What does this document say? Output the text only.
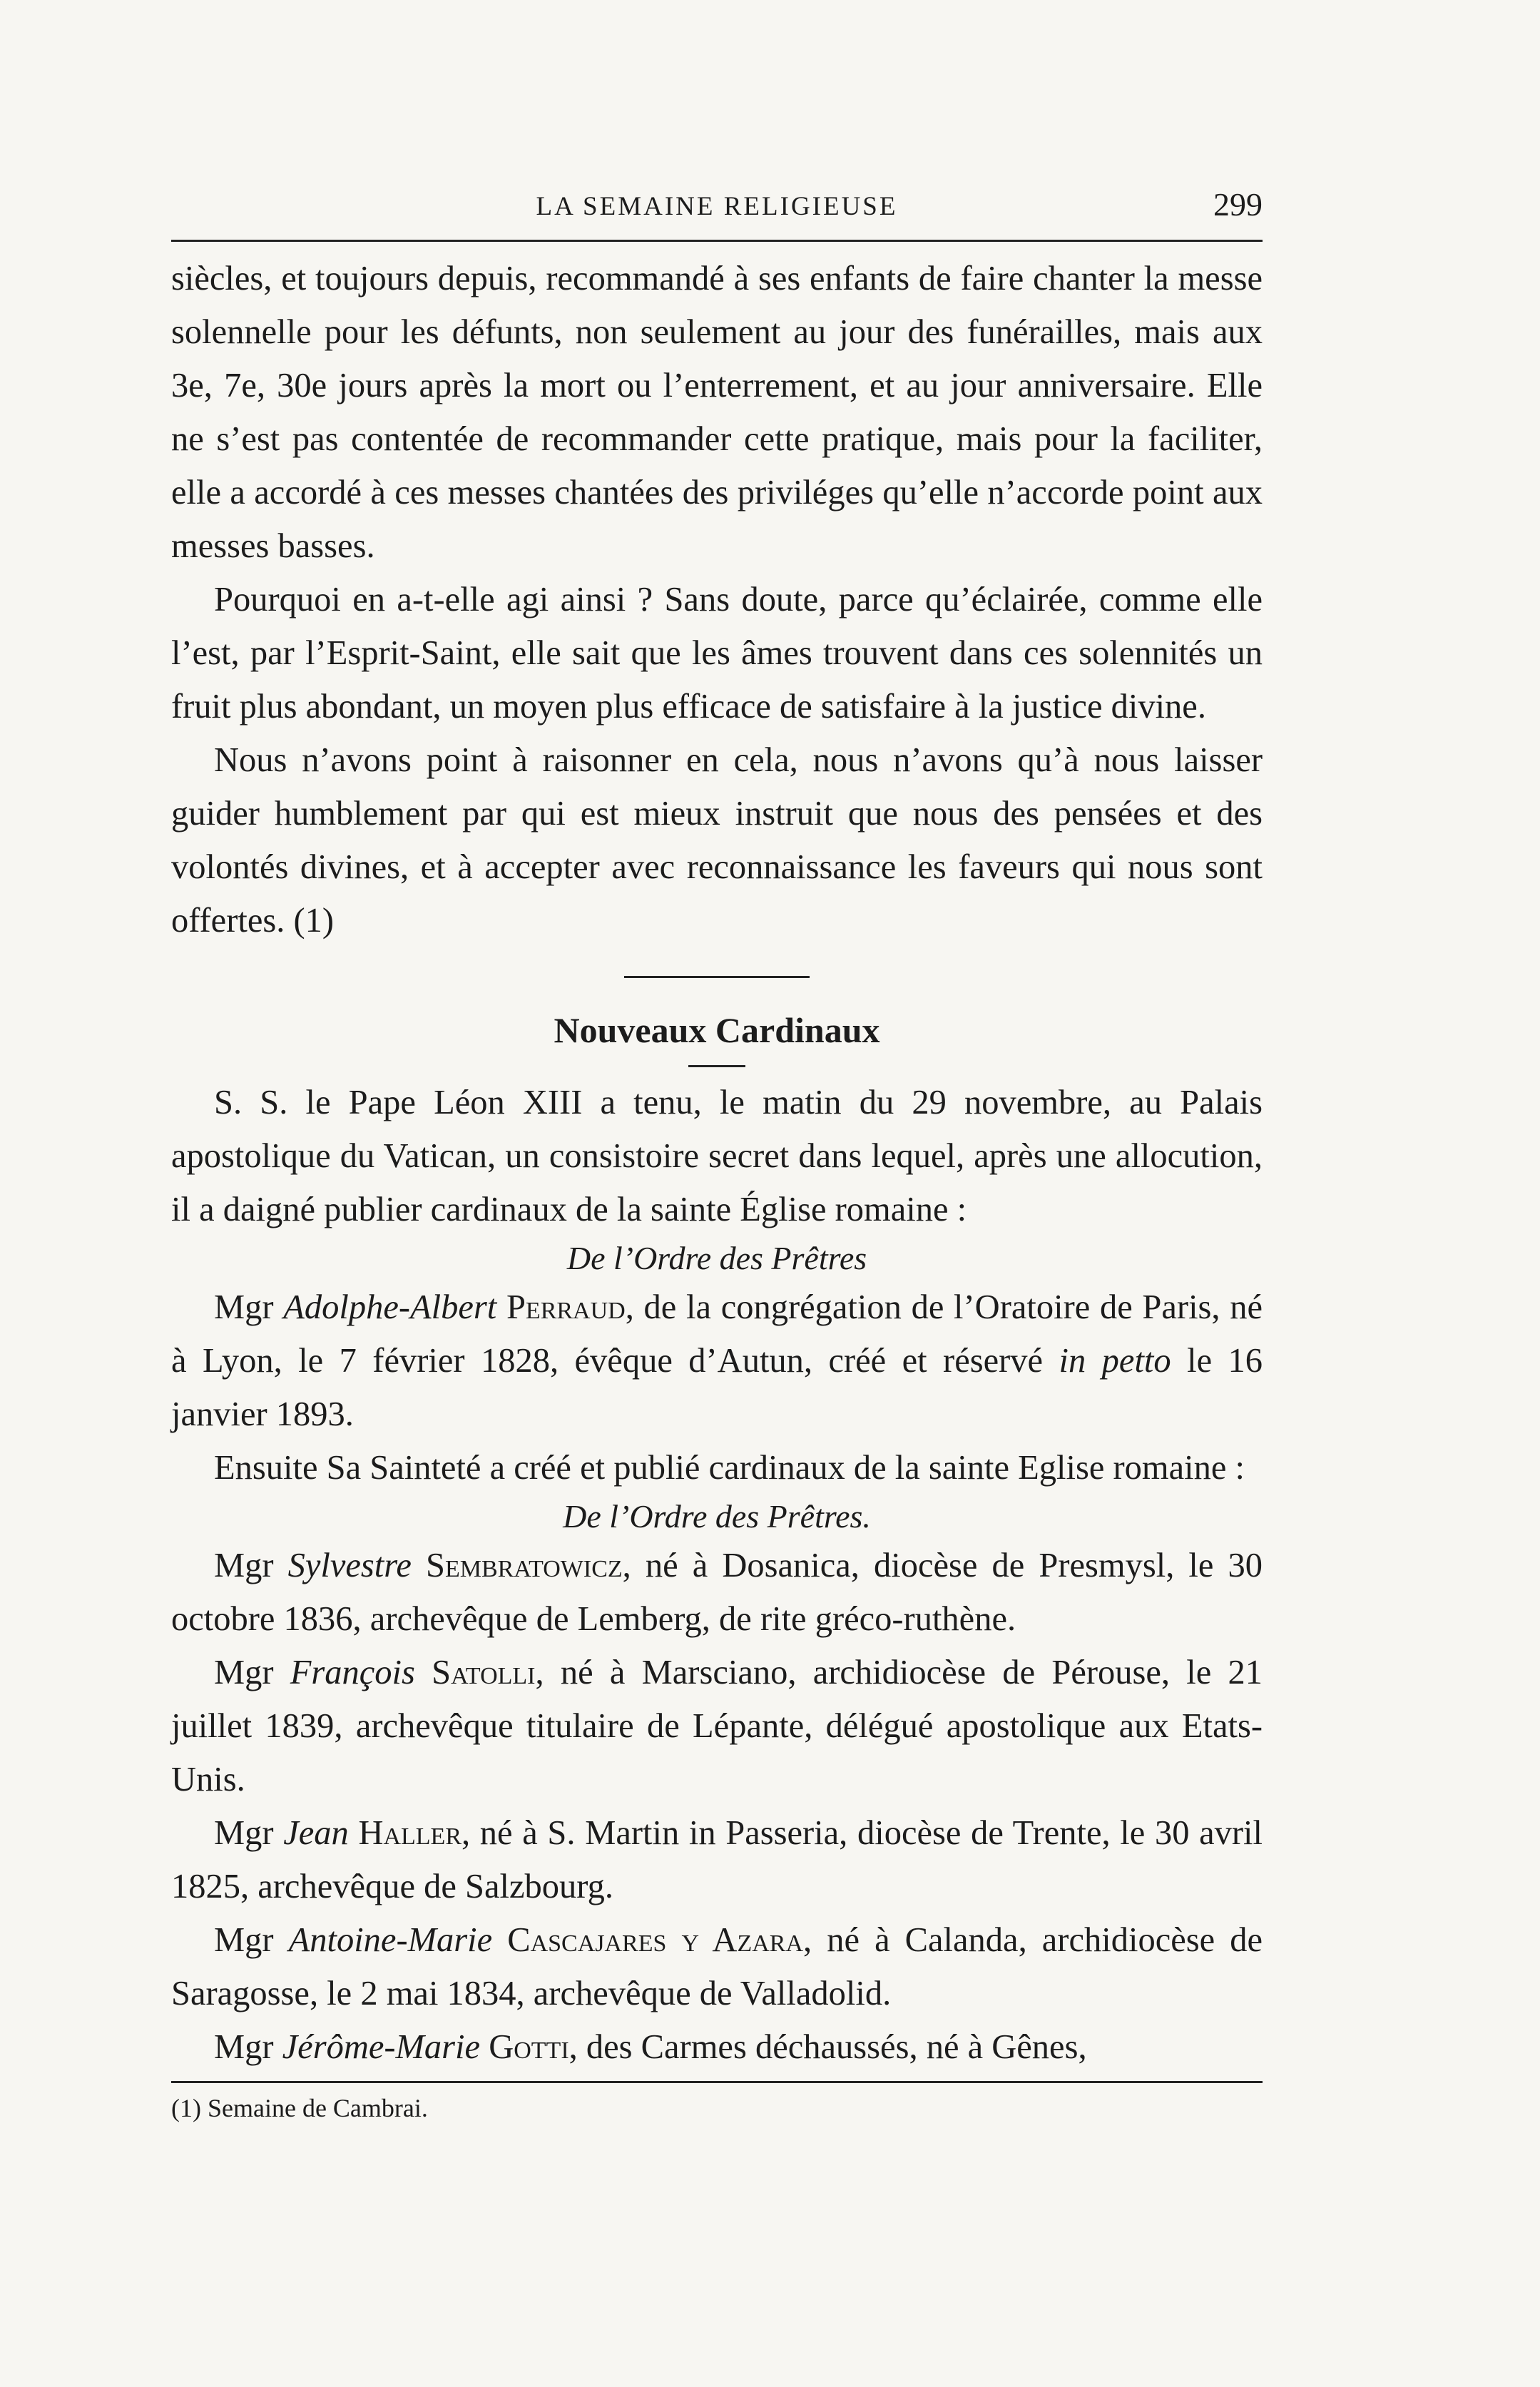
LA SEMAINE RELIGIEUSE	299

siècles, et toujours depuis, recommandé à ses enfants de faire chanter la messe solennelle pour les défunts, non seulement au jour des funérailles, mais aux 3e, 7e, 30e jours après la mort ou l’enterrement, et au jour anniversaire. Elle ne s’est pas contentée de recommander cette pratique, mais pour la faciliter, elle a accordé à ces messes chantées des priviléges qu’elle n’accorde point aux messes basses.

Pourquoi en a-t-elle agi ainsi ? Sans doute, parce qu’éclairée, comme elle l’est, par l’Esprit-Saint, elle sait que les âmes trouvent dans ces solennités un fruit plus abondant, un moyen plus efficace de satisfaire à la justice divine.

Nous n’avons point à raisonner en cela, nous n’avons qu’à nous laisser guider humblement par qui est mieux instruit que nous des pensées et des volontés divines, et à accepter avec reconnaissance les faveurs qui nous sont offertes. (1)

Nouveaux Cardinaux

S. S. le Pape Léon XIII a tenu, le matin du 29 novembre, au Palais apostolique du Vatican, un consistoire secret dans lequel, après une allocution, il a daigné publier cardinaux de la sainte Église romaine :

De l’Ordre des Prêtres

Mgr Adolphe-Albert Perraud, de la congrégation de l’Oratoire de Paris, né à Lyon, le 7 février 1828, évêque d’Autun, créé et réservé in petto le 16 janvier 1893.

Ensuite Sa Sainteté a créé et publié cardinaux de la sainte Eglise romaine :

De l’Ordre des Prêtres.

Mgr Sylvestre Sembratowicz, né à Dosanica, diocèse de Presmysl, le 30 octobre 1836, archevêque de Lemberg, de rite gréco-ruthène.

Mgr François Satolli, né à Marsciano, archidiocèse de Pérouse, le 21 juillet 1839, archevêque titulaire de Lépante, délégué apostolique aux Etats-Unis.

Mgr Jean Haller, né à S. Martin in Passeria, diocèse de Trente, le 30 avril 1825, archevêque de Salzbourg.

Mgr Antoine-Marie Cascajares y Azara, né à Calanda, archidiocèse de Saragosse, le 2 mai 1834, archevêque de Valladolid.

Mgr Jérôme-Marie Gotti, des Carmes déchaussés, né à Gênes,

(1) Semaine de Cambrai.
